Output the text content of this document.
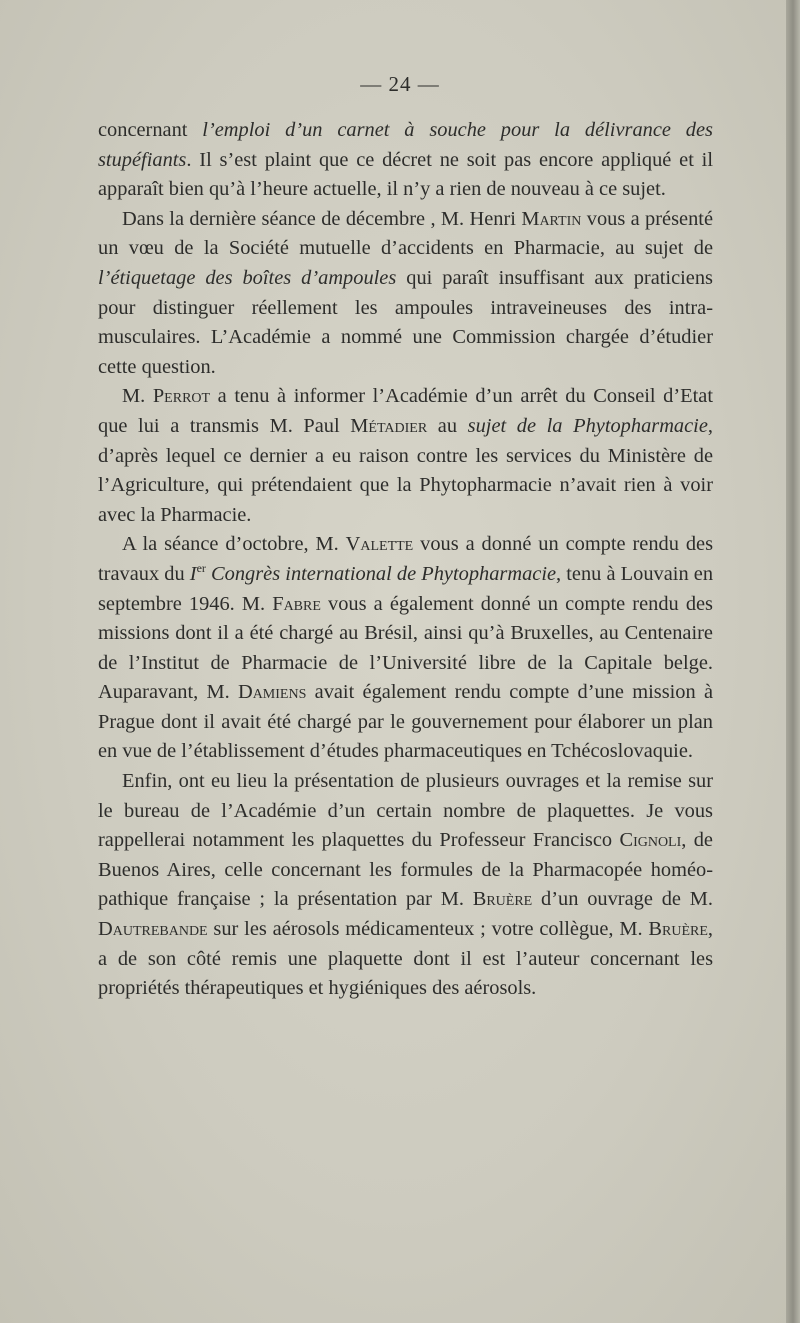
— 24 —

concernant l’emploi d’un carnet à souche pour la délivrance des stupéfiants. Il s’est plaint que ce décret ne soit pas encore appliqué et il apparaît bien qu’à l’heure actuelle, il n’y a rien de nouveau à ce sujet.

Dans la dernière séance de décembre , M. Henri Martin vous a présenté un vœu de la Société mutuelle d’accidents en Pharmacie, au sujet de l’étiquetage des boîtes d’ampoules qui paraît insuffisant aux praticiens pour distinguer réellement les ampoules intraveineuses des intramusculaires. L’Académie a nommé une Commission chargée d’étudier cette question.

M. Perrot a tenu à informer l’Académie d’un arrêt du Conseil d’Etat que lui a transmis M. Paul Métadier au sujet de la Phytopharmacie, d’après lequel ce dernier a eu raison contre les services du Ministère de l’Agriculture, qui prétendaient que la Phytopharmacie n’avait rien à voir avec la Pharmacie.

A la séance d’octobre, M. Valette vous a donné un compte rendu des travaux du Ier Congrès international de Phytopharmacie, tenu à Louvain en septembre 1946. M. Fabre vous a également donné un compte rendu des missions dont il a été chargé au Brésil, ainsi qu’à Bruxelles, au Centenaire de l’Institut de Pharmacie de l’Université libre de la Capitale belge. Auparavant, M. Damiens avait également rendu compte d’une mission à Prague dont il avait été chargé par le gouvernement pour élaborer un plan en vue de l’établissement d’études pharmaceutiques en Tchécoslovaquie.

Enfin, ont eu lieu la présentation de plusieurs ouvrages et la remise sur le bureau de l’Académie d’un certain nombre de plaquettes. Je vous rappellerai notamment les plaquettes du Professeur Francisco Cignoli, de Buenos Aires, celle concernant les formules de la Pharmacopée homéopathique française ; la présentation par M. Bruère d’un ouvrage de M. Dautrebande sur les aérosols médicamenteux ; votre collègue, M. Bruère, a de son côté remis une plaquette dont il est l’auteur concernant les propriétés thérapeutiques et hygiéniques des aérosols.
